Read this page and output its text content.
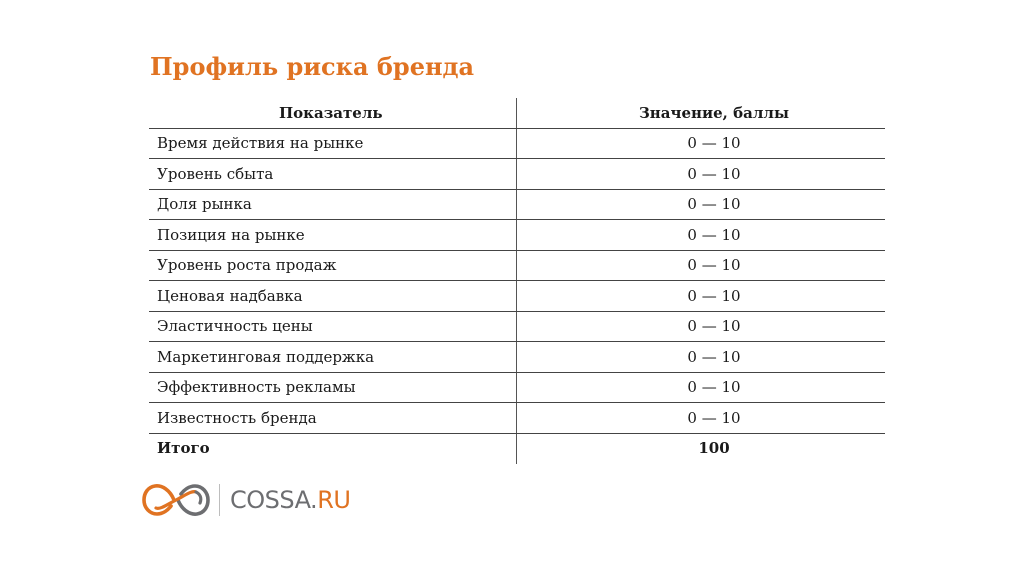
Профиль риска бренда
Показатель	Значение, баллы
Время действия на рынке	0 — 10
Уровень сбыта	0 — 10
Доля рынка	0 — 10
Позиция на рынке	0 — 10
Уровень роста продаж	0 — 10
Ценовая надбавка	0 — 10
Эластичность цены	0 — 10
Маркетинговая поддержка	0 — 10
Эффективность рекламы	0 — 10
Известность бренда	0 — 10
Итого	100
COSSA.RU
